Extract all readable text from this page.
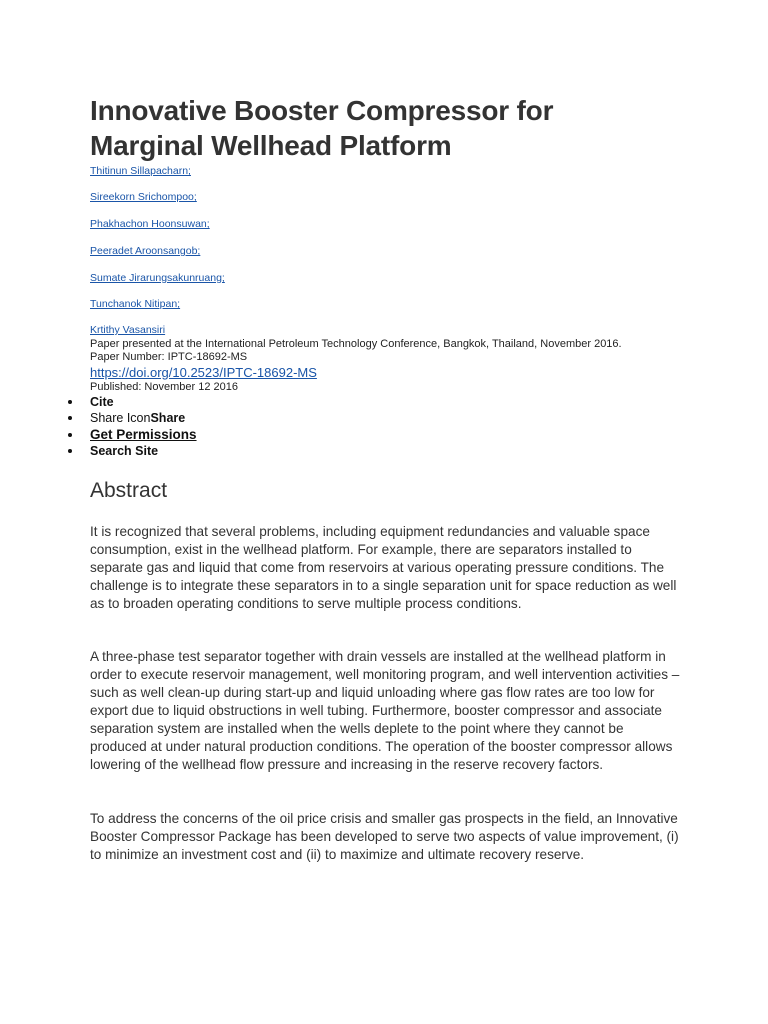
Innovative Booster Compressor for Marginal Wellhead Platform
Thitinun Sillapacharn;
Sireekorn Srichompoo;
Phakhachon Hoonsuwan;
Peeradet Aroonsangob;
Sumate Jirarungsakunruang;
Tunchanok Nitipan;
Krtithy Vasansiri
Paper presented at the International Petroleum Technology Conference, Bangkok, Thailand, November 2016.
Paper Number: IPTC-18692-MS
https://doi.org/10.2523/IPTC-18692-MS
Published: November 12 2016
Cite
Share IconShare
Get Permissions
Search Site
Abstract

It is recognized that several problems, including equipment redundancies and valuable space consumption, exist in the wellhead platform. For example, there are separators installed to separate gas and liquid that come from reservoirs at various operating pressure conditions. The challenge is to integrate these separators in to a single separation unit for space reduction as well as to broaden operating conditions to serve multiple process conditions.

A three-phase test separator together with drain vessels are installed at the wellhead platform in order to execute reservoir management, well monitoring program, and well intervention activities – such as well clean-up during start-up and liquid unloading where gas flow rates are too low for export due to liquid obstructions in well tubing. Furthermore, booster compressor and associate separation system are installed when the wells deplete to the point where they cannot be produced at under natural production conditions. The operation of the booster compressor allows lowering of the wellhead flow pressure and increasing in the reserve recovery factors.

To address the concerns of the oil price crisis and smaller gas prospects in the field, an Innovative Booster Compressor Package has been developed to serve two aspects of value improvement, (i) to minimize an investment cost and (ii) to maximize and ultimate recovery reserve.
